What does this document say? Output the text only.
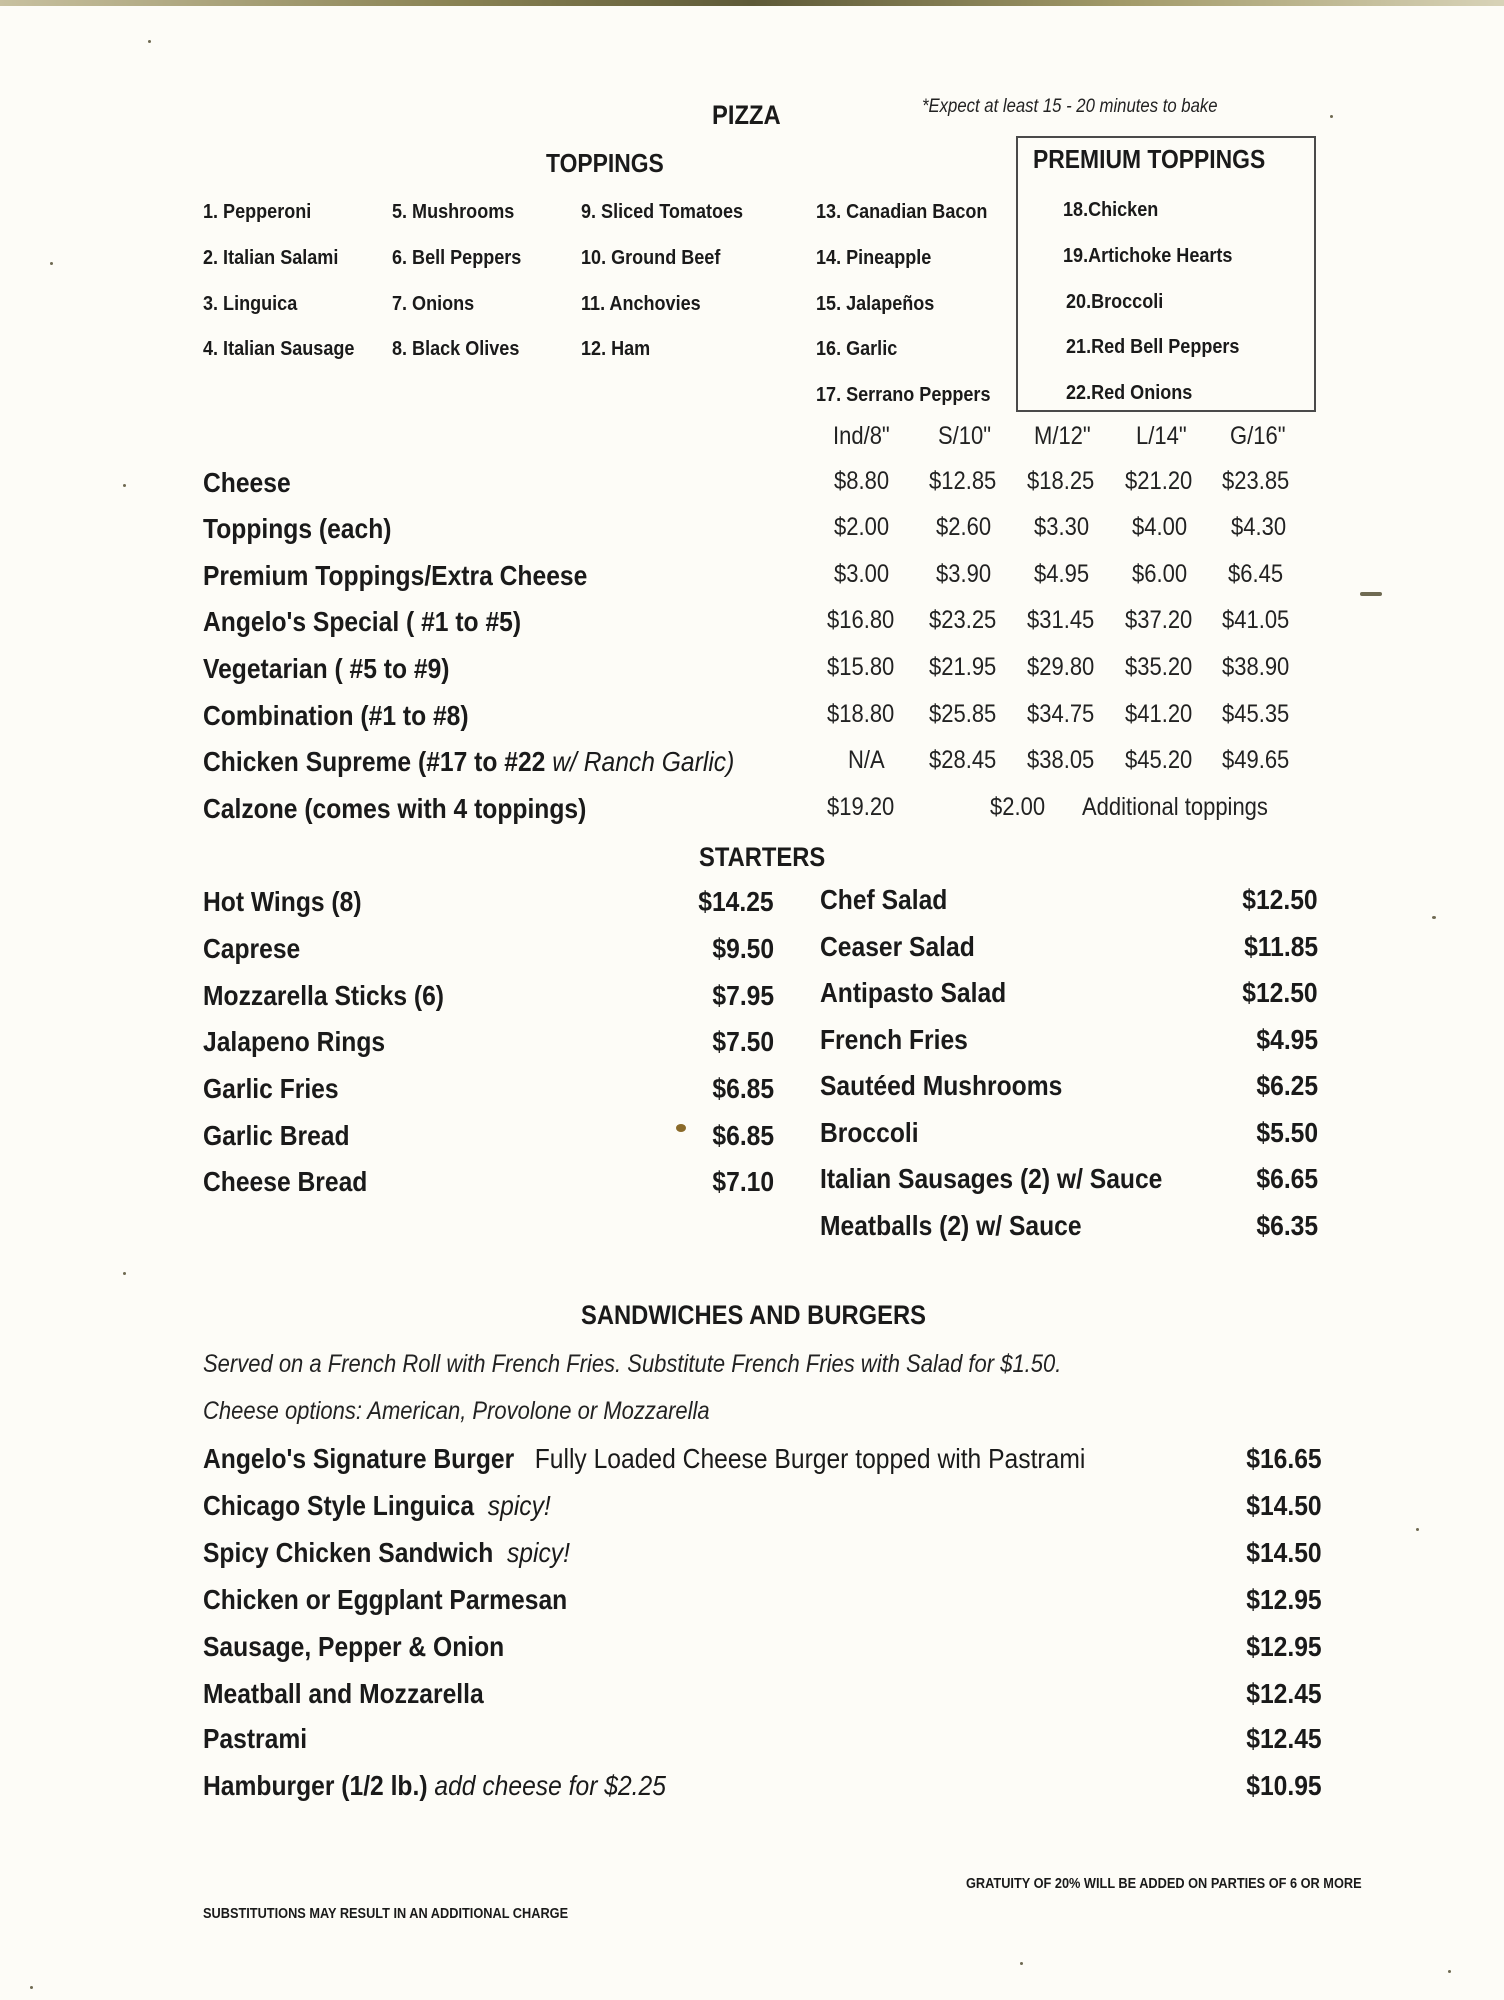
PIZZA	*Expect at least 15 - 20 minutes to bake
TOPPINGS	PREMIUM TOPPINGS
1. Pepperoni
2. Italian Salami
3. Linguica
4. Italian Sausage
5. Mushrooms
6. Bell Peppers
7. Onions
8. Black Olives
9. Sliced Tomatoes
10. Ground Beef
11. Anchovies
12. Ham
13. Canadian Bacon
14. Pineapple
15. Jalapeños
16. Garlic
17. Serrano Peppers
18.Chicken
19.Artichoke Hearts
20.Broccoli
21.Red Bell Peppers
22.Red Onions
Ind/8"	S/10" M/12"	L/14" G/16"
Cheese	$8.80	$12.85	$18.25	$21.20	$23.85
Toppings (each)	$2.00	$2.60	$3.30	$4.00	$4.30
Premium Toppings/Extra Cheese	$3.00	$3.90	$4.95	$6.00	$6.45
Angelo's Special ( #1 to #5)	$16.80	$23.25	$31.45	$37.20	$41.05
Vegetarian ( #5 to #9)	$15.80	$21.95	$29.80	$35.20	$38.90
Combination (#1 to #8)	$18.80	$25.85	$34.75	$41.20	$45.35
Chicken Supreme (#17 to #22 w/ Ranch Garlic)	N/A $28.45	$38.05	$45.20	$49.65
Calzone (comes with 4 toppings)	$19.20	$2.00	Additional toppings
STARTERS
Hot Wings (8)	$14.25
Caprese	$9.50
Mozzarella Sticks (6)	$7.95
Jalapeno Rings	$7.50
Garlic Fries	$6.85
Garlic Bread	$6.85
Cheese Bread	$7.10
Chef Salad	$12.50
Ceaser Salad	$11.85
Antipasto Salad	$12.50
French Fries	$4.95
Sautéed Mushrooms	$6.25
Broccoli	$5.50
Italian Sausages (2) w/ Sauce	$6.65
Meatballs (2) w/ Sauce	$6.35
SANDWICHES AND BURGERS
Served on a French Roll with French Fries. Substitute French Fries with Salad for $1.50.
Cheese options: American, Provolone or Mozzarella
Angelo's Signature Burger Fully Loaded Cheese Burger topped with Pastrami	$16.65
Chicago Style Linguica spicy!	$14.50
Spicy Chicken Sandwich spicy!	$14.50
Chicken or Eggplant Parmesan	$12.95
Sausage, Pepper & Onion	$12.95
Meatball and Mozzarella	$12.45
Pastrami	$12.45
Hamburger (1/2 lb.) add cheese for $2.25	$10.95
GRATUITY OF 20% WILL BE ADDED ON PARTIES OF 6 OR MORE
SUBSTITUTIONS MAY RESULT IN AN ADDITIONAL CHARGE
